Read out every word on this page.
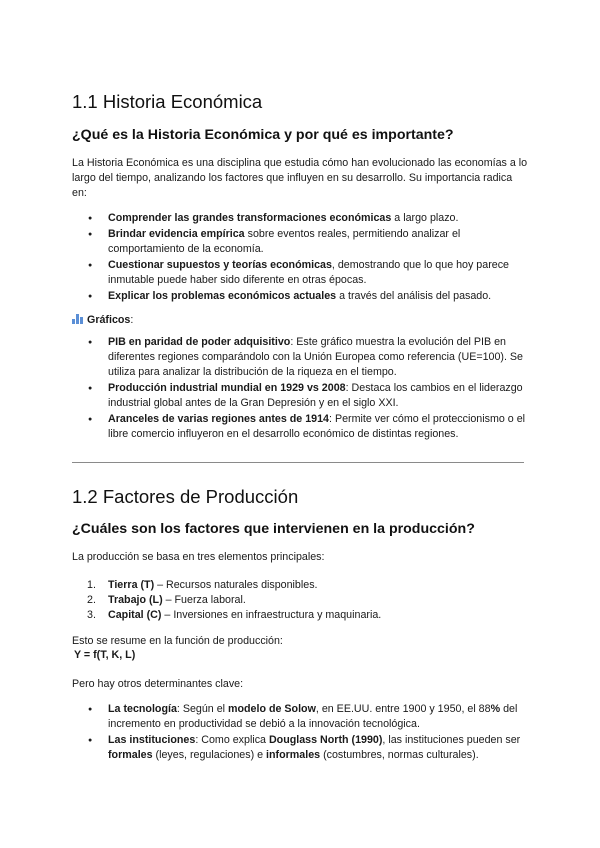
1.1 Historia Económica
¿Qué es la Historia Económica y por qué es importante?

La Historia Económica es una disciplina que estudia cómo han evolucionado las economías a lo largo del tiempo, analizando los factores que influyen en su desarrollo. Su importancia radica en:

● Comprender las grandes transformaciones económicas a largo plazo.
● Brindar evidencia empírica sobre eventos reales, permitiendo analizar el comportamiento de la economía.
● Cuestionar supuestos y teorías económicas, demostrando que lo que hoy parece inmutable puede haber sido diferente en otras épocas.
● Explicar los problemas económicos actuales a través del análisis del pasado.

Gráficos:

● PIB en paridad de poder adquisitivo: Este gráfico muestra la evolución del PIB en diferentes regiones comparándolo con la Unión Europea como referencia (UE=100). Se utiliza para analizar la distribución de la riqueza en el tiempo.
● Producción industrial mundial en 1929 vs 2008: Destaca los cambios en el liderazgo industrial global antes de la Gran Depresión y en el siglo XXI.
● Aranceles de varias regiones antes de 1914: Permite ver cómo el proteccionismo o el libre comercio influyeron en el desarrollo económico de distintas regiones.
1.2 Factores de Producción
¿Cuáles son los factores que intervienen en la producción?

La producción se basa en tres elementos principales:

1. Tierra (T) – Recursos naturales disponibles.
2. Trabajo (L) – Fuerza laboral.
3. Capital (C) – Inversiones en infraestructura y maquinaria.

Esto se resume en la función de producción:

Y = f(T, K, L)

Pero hay otros determinantes clave:

● La tecnología: Según el modelo de Solow, en EE.UU. entre 1900 y 1950, el 88% del incremento en productividad se debió a la innovación tecnológica.
● Las instituciones: Como explica Douglass North (1990), las instituciones pueden ser formales (leyes, regulaciones) e informales (costumbres, normas culturales).
